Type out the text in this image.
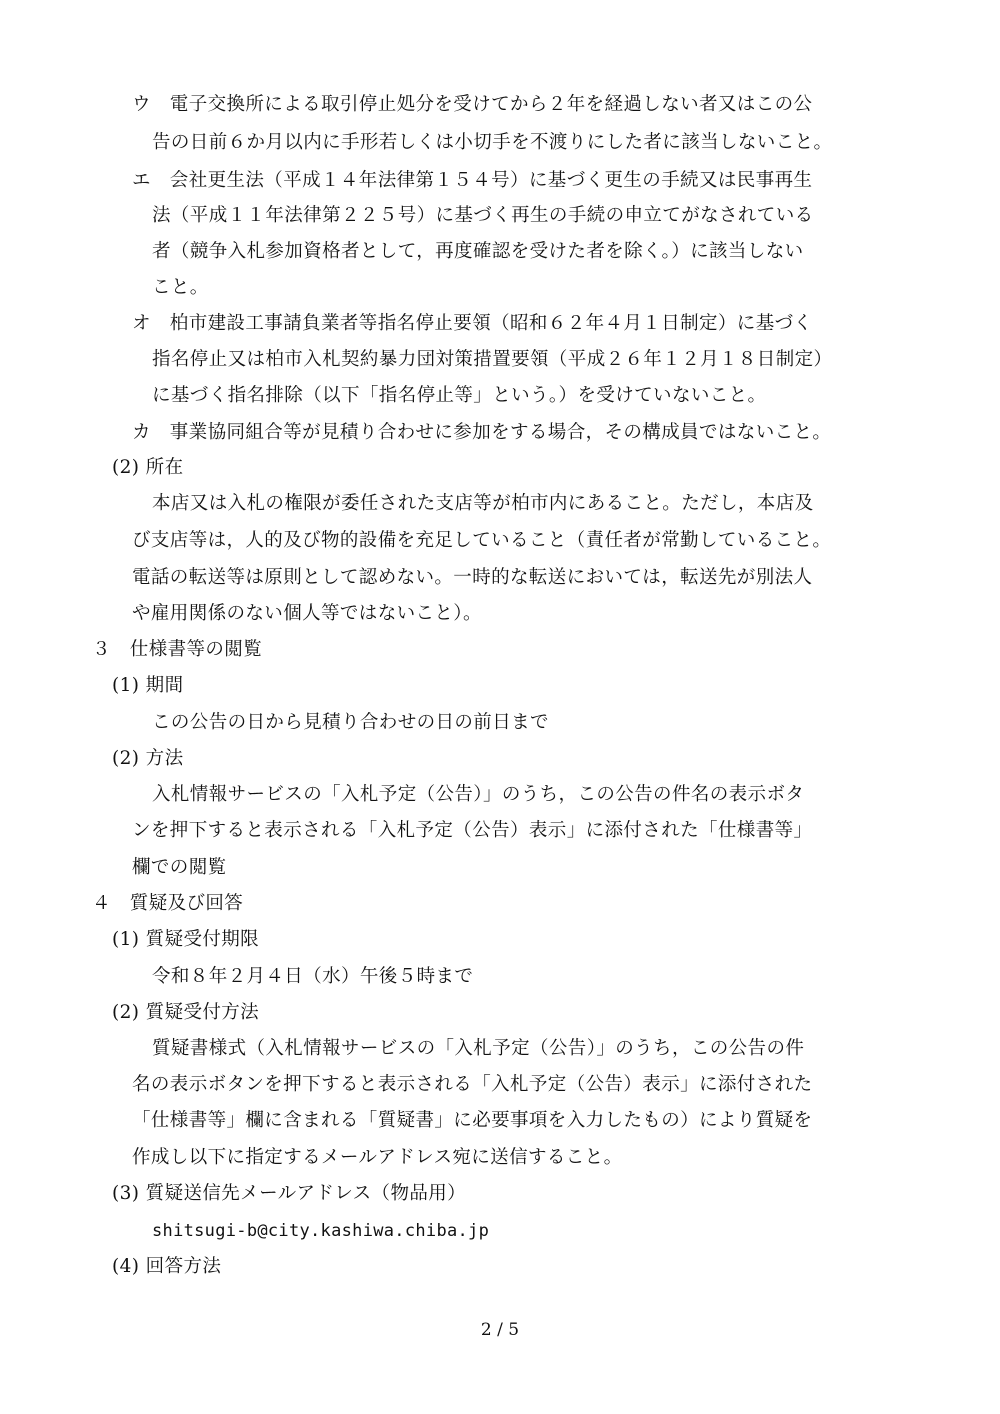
ウ　電子交換所による取引停止処分を受けてから２年を経過しない者又はこの公

告の日前６か月以内に手形若しくは小切手を不渡りにした者に該当しないこと。

エ　会社更生法（平成１４年法律第１５４号）に基づく更生の手続又は民事再生

法（平成１１年法律第２２５号）に基づく再生の手続の申立てがなされている

者（競争入札参加資格者として，再度確認を受けた者を除く。）に該当しない

こと。

オ　柏市建設工事請負業者等指名停止要領（昭和６２年４月１日制定）に基づく

指名停止又は柏市入札契約暴力団対策措置要領（平成２６年１２月１８日制定）

に基づく指名排除（以下「指名停止等」という。）を受けていないこと。

カ　事業協同組合等が見積り合わせに参加をする場合，その構成員ではないこと。

(2) 所在

本店又は入札の権限が委任された支店等が柏市内にあること。ただし，本店及

び支店等は，人的及び物的設備を充足していること（責任者が常勤していること。

電話の転送等は原則として認めない。一時的な転送においては，転送先が別法人

や雇用関係のない個人等ではないこと）。

３　仕様書等の閲覧

(1) 期間

この公告の日から見積り合わせの日の前日まで

(2) 方法

入札情報サービスの「入札予定（公告）」のうち，この公告の件名の表示ボタ

ンを押下すると表示される「入札予定（公告）表示」に添付された「仕様書等」

欄での閲覧

４　質疑及び回答

(1) 質疑受付期限

令和８年２月４日（水）午後５時まで

(2) 質疑受付方法

質疑書様式（入札情報サービスの「入札予定（公告）」のうち，この公告の件

名の表示ボタンを押下すると表示される「入札予定（公告）表示」に添付された

「仕様書等」欄に含まれる「質疑書」に必要事項を入力したもの）により質疑を

作成し以下に指定するメールアドレス宛に送信すること。

(3) 質疑送信先メールアドレス（物品用）

shitsugi-b@city.kashiwa.chiba.jp

(4) 回答方法

2 / 5
